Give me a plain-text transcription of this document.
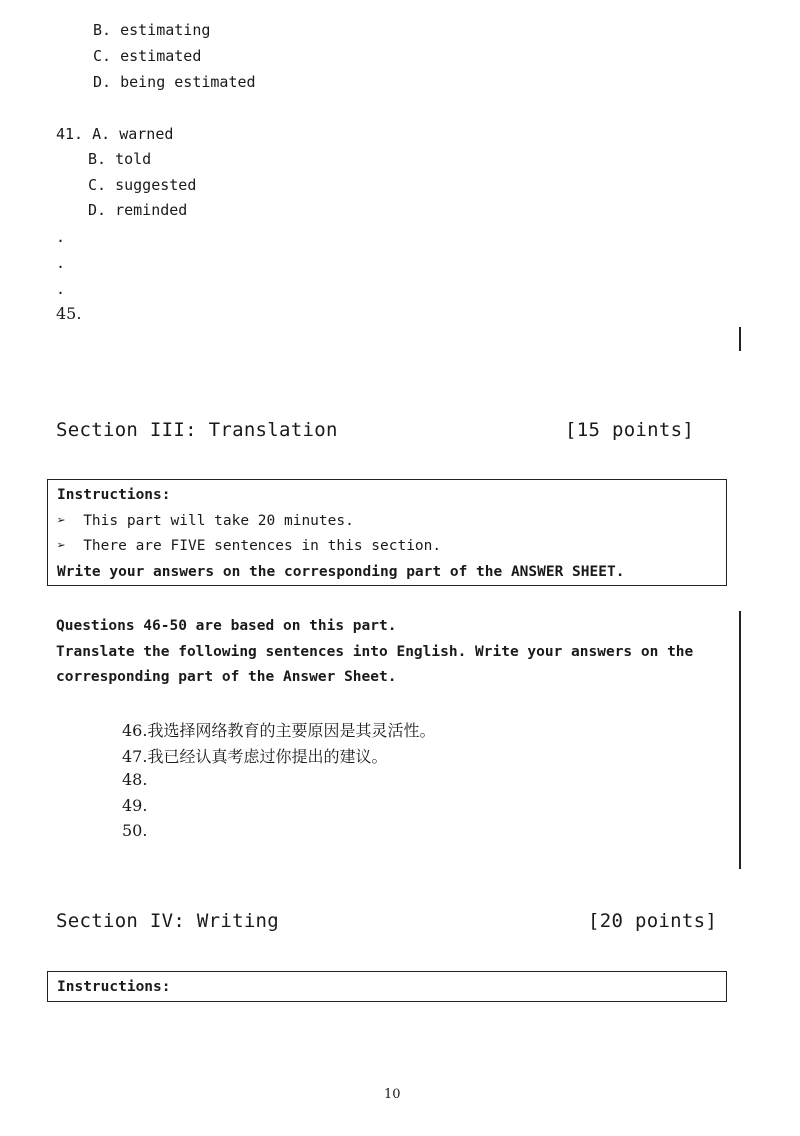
B. estimating
C. estimated
D. being estimated
41. A. warned
B. told
C. suggested
D. reminded
.
.
.
45.
Section III: Translation	[15 points]
Instructions:
➢ This part will take 20 minutes.
➢ There are FIVE sentences in this section.
Write your answers on the corresponding part of the ANSWER SHEET.
Questions 46-50 are based on this part.
Translate the following sentences into English. Write your answers on the
corresponding part of the Answer Sheet.
46.我选择网络教育的主要原因是其灵活性。
47.我已经认真考虑过你提出的建议。
48.
49.
50.
Section IV: Writing	[20 points]
Instructions:
10
